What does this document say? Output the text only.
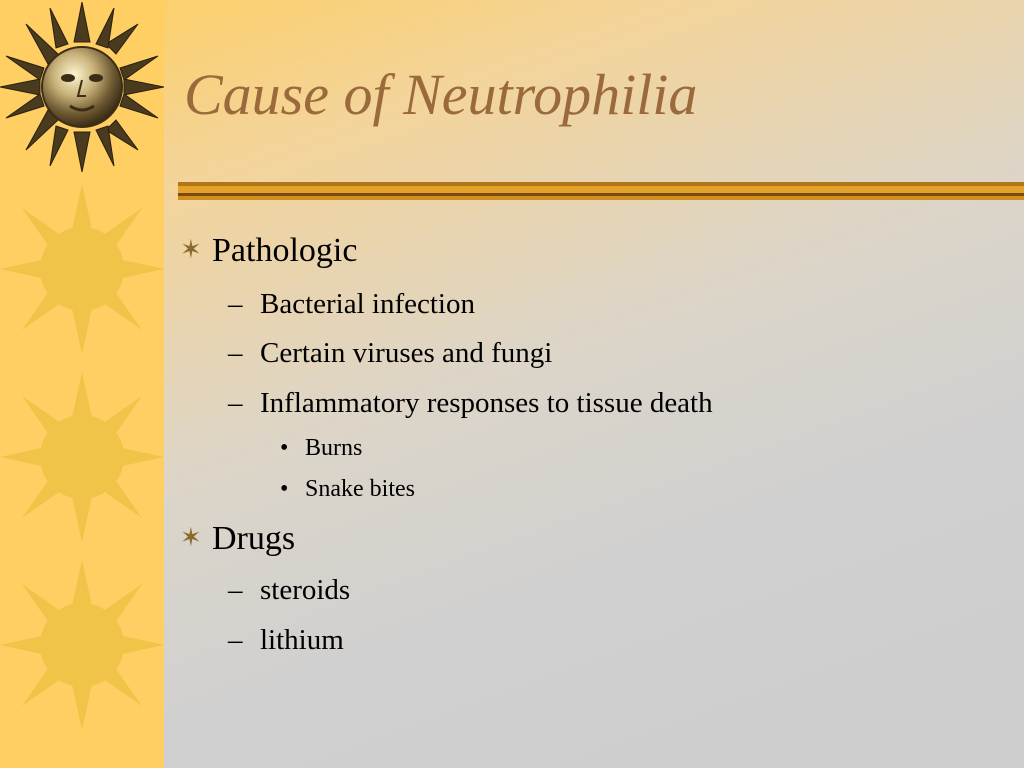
Cause of Neutrophilia
✶ Pathologic
– Bacterial infection
– Certain viruses and fungi
– Inflammatory responses to tissue death
• Burns
• Snake bites
✶ Drugs
– steroids
– lithium
